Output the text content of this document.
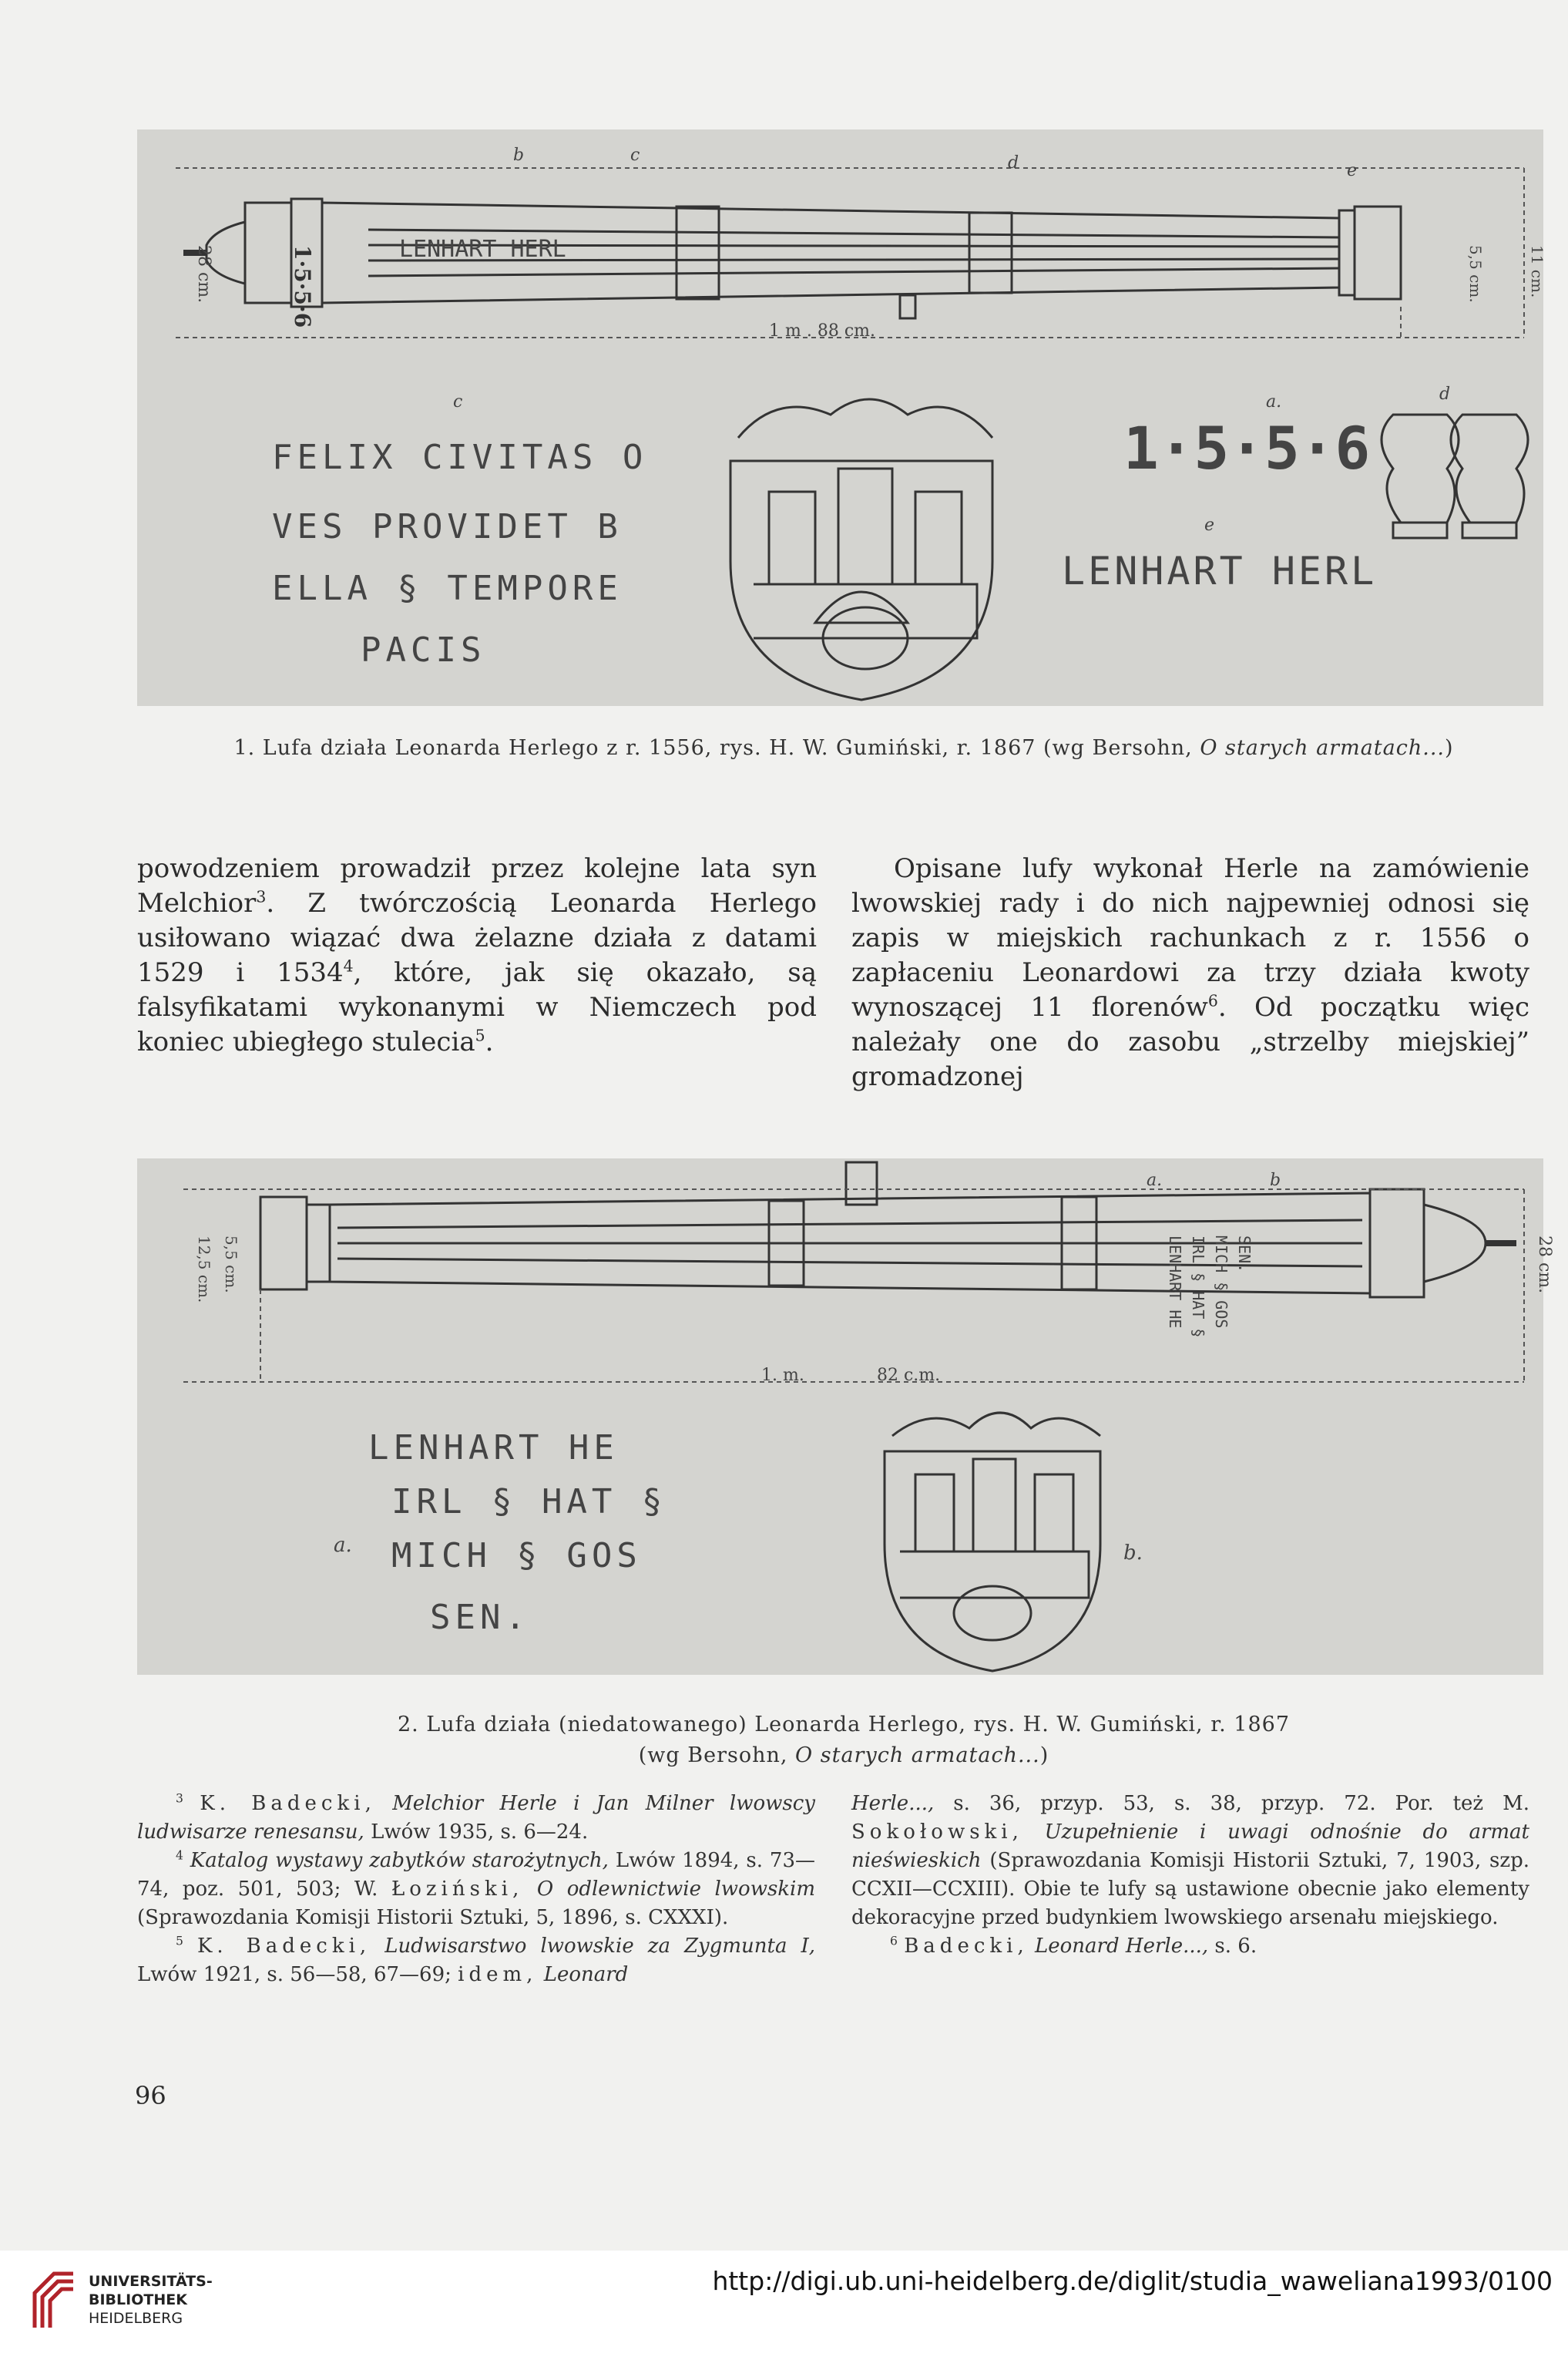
LENHART HERL
1·5·5·6
1 m . 88 cm.
28 cm.	5,5 cm.	11 cm.
b	c	d	e
c
FELIX CIVITAS O
VES PROVIDET B
ELLA § TEMPORE
PACIS
1·5·5·6
LENHART HERL
a.
e
d
1. Lufa działa Leonarda Herlego z r. 1556, rys. H. W. Gumiński, r. 1867 (wg Bersohn, O starych armatach...)

powodzeniem prowadził przez kolejne lata syn Melchior$^3$. Z twórczością Leonarda Herlego usiłowano wiązać dwa żelazne działa z datami 1529 i 1534$^4$, które, jak się okazało, są falsyfikatami wykonanymi w Niemczech pod koniec ubiegłego stulecia$^5$.

Opisane lufy wykonał Herle na zamówienie lwowskiej rady i do nich najpewniej odnosi się zapis w miejskich rachunkach z r. 1556 o zapłaceniu Leonardowi za trzy działa kwoty wynoszącej 11 florenów$^6$. Od początku więc należały one do zasobu „strzelby miejskiej” gromadzonej

LENHART HE IRL § HAT § MICH § GOS SEN.
1. m.	82 c.m.
12,5 cm. 5,5 cm.	28 cm.
a.	b
LENHART HE
IRL § HAT §
MICH § GOS
SEN.
a.	b.
2. Lufa działa (niedatowanego) Leonarda Herlego, rys. H. W. Gumiński, r. 1867
(wg Bersohn, O starych armatach...)

$^3$ K. Badecki, Melchior Herle i Jan Milner lwowscy ludwisarze renesansu, Lwów 1935, s. 6—24.

$^4$ Katalog wystawy zabytków starożytnych, Lwów 1894, s. 73—74, poz. 501, 503; W. Łoziński, O odlewnictwie lwowskim (Sprawozdania Komisji Historii Sztuki, 5, 1896, s. CXXXI).

$^5$ K. Badecki, Ludwisarstwo lwowskie za Zygmunta I, Lwów 1921, s. 56—58, 67—69; idem, Leonard

Herle..., s. 36, przyp. 53, s. 38, przyp. 72. Por. też M. Sokołowski, Uzupełnienie i uwagi odnośnie do armat nieświeskich (Sprawozdania Komisji Historii Sztuki, 7, 1903, szp. CCXII—CCXIII). Obie te lufy są ustawione obecnie jako elementy dekoracyjne przed budynkiem lwowskiego arsenału miejskiego.

$^6$ Badecki, Leonard Herle..., s. 6.

96
UNIVERSITÄTS-
BIBLIOTHEK
HEIDELBERG
http://digi.ub.uni-heidelberg.de/diglit/studia_waweliana1993/0100
